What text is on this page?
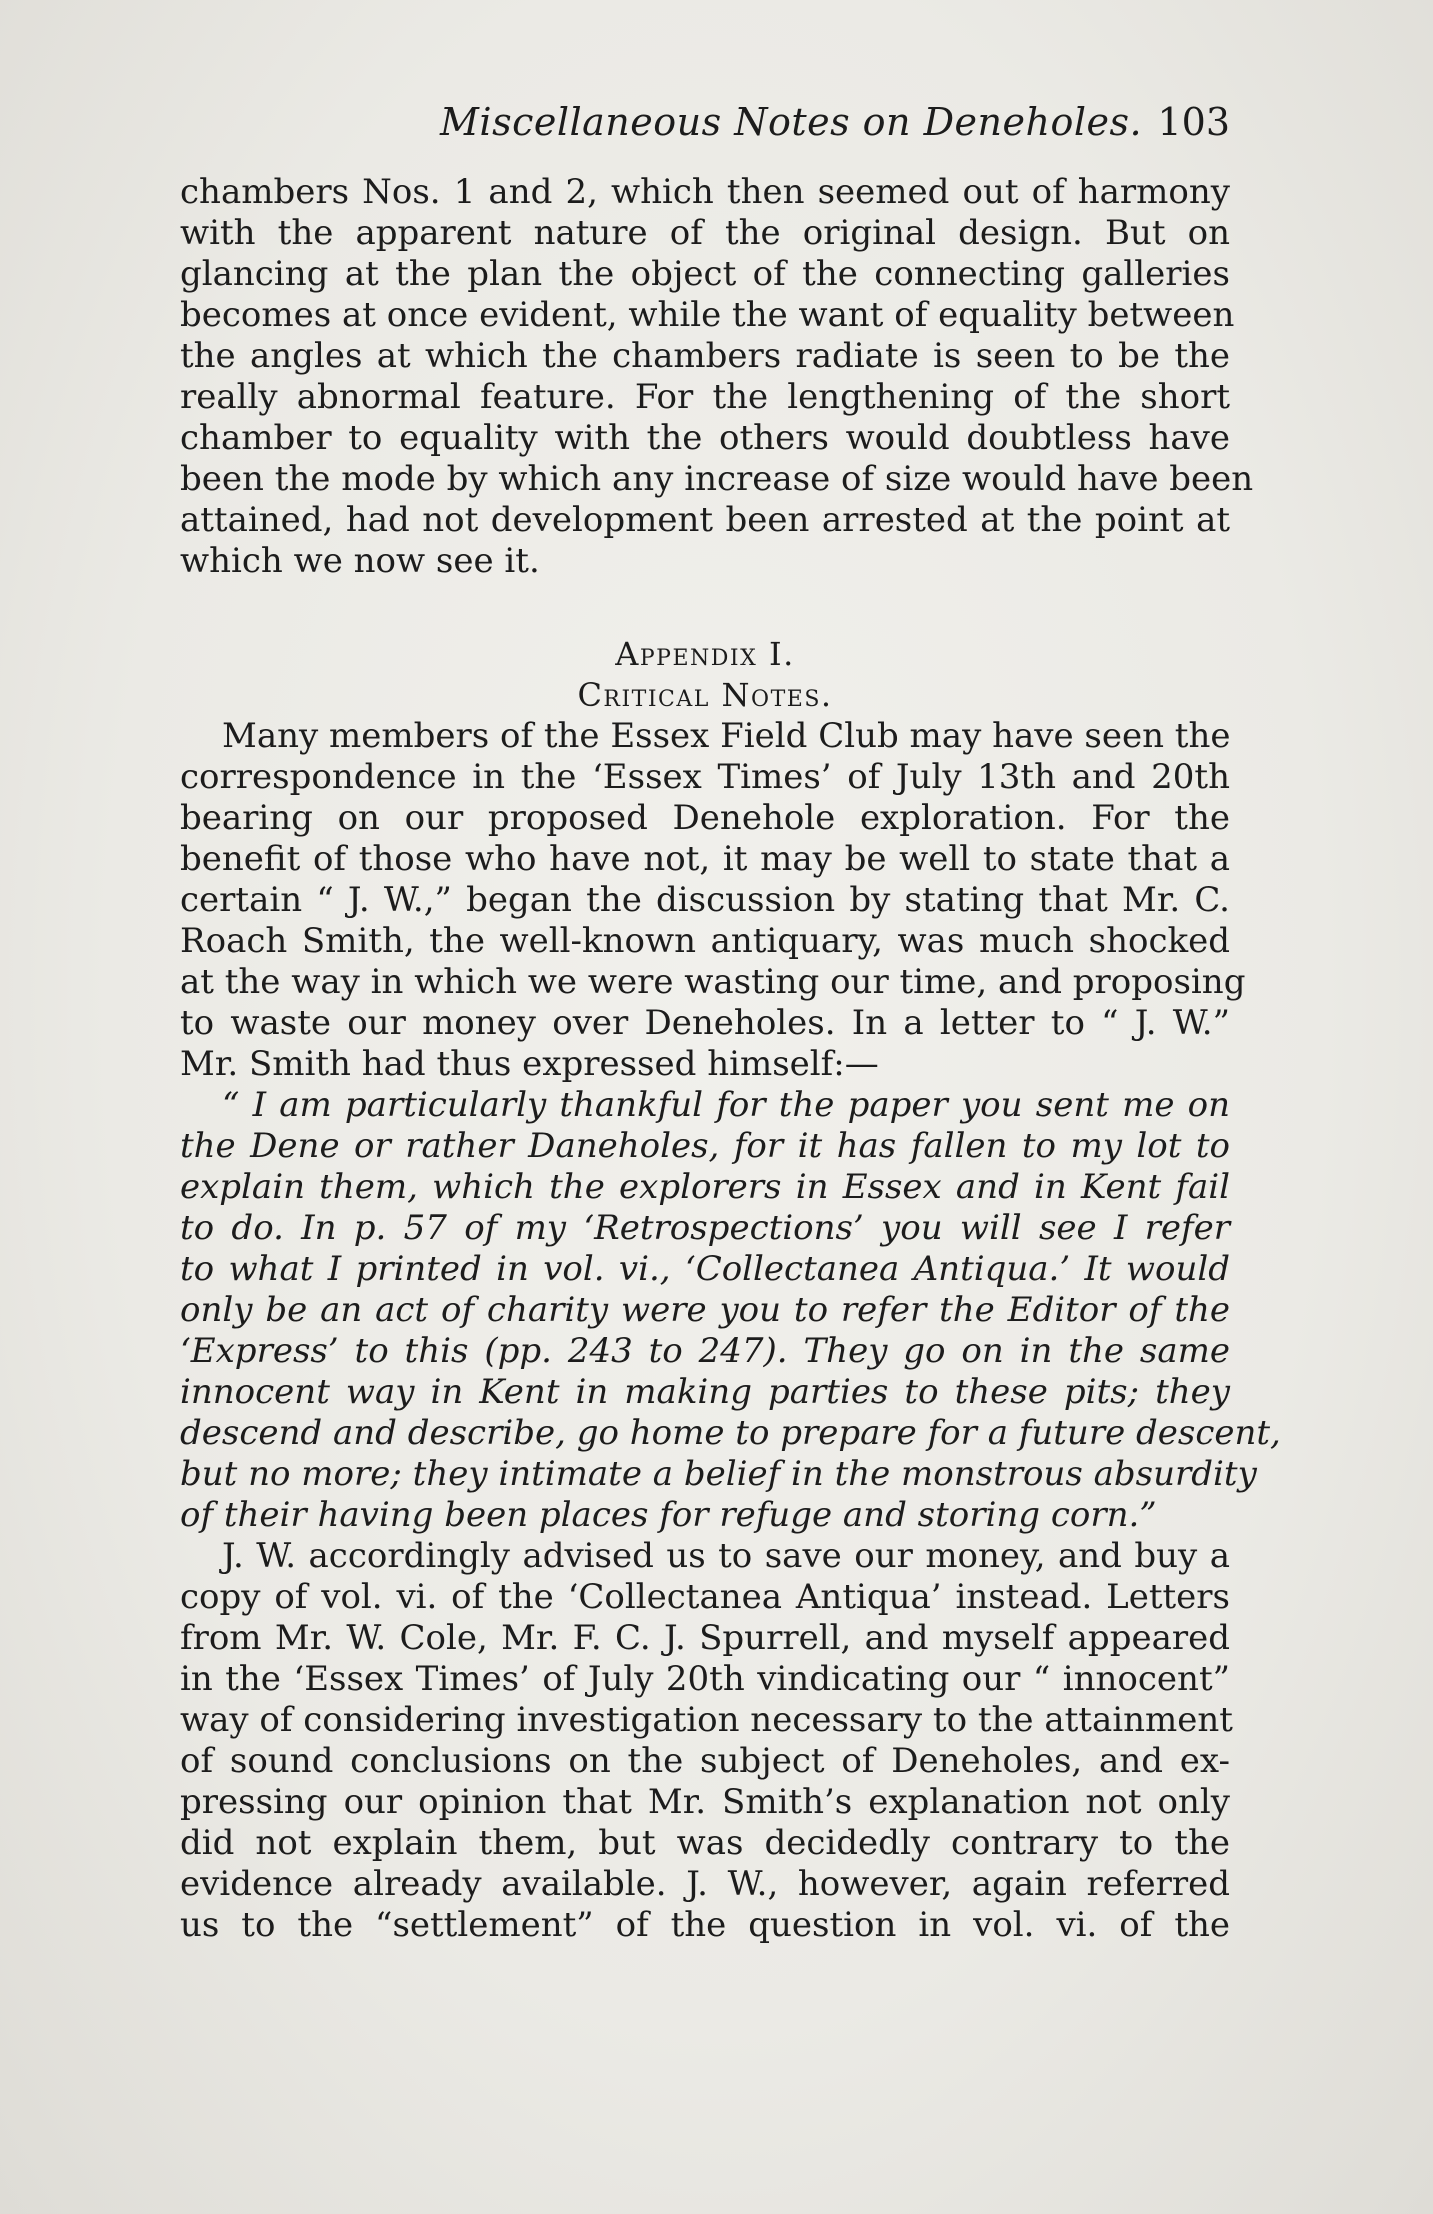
Miscellaneous Notes on Deneholes. 103
chambers Nos. 1 and 2, which then seemed out of harmony
with the apparent nature of the original design. But on
glancing at the plan the object of the connecting galleries
becomes at once evident, while the want of equality between
the angles at which the chambers radiate is seen to be the
really abnormal feature. For the lengthening of the short
chamber to equality with the others would doubtless have
been the mode by which any increase of size would have been
attained, had not development been arrested at the point at
which we now see it.
Appendix I.
Critical Notes.
Many members of the Essex Field Club may have seen the
correspondence in the ‘Essex Times’ of July 13th and 20th
bearing on our proposed Denehole exploration. For the
benefit of those who have not, it may be well to state that a
certain “ J. W.,” began the discussion by stating that Mr. C.
Roach Smith, the well-known antiquary, was much shocked
at the way in which we were wasting our time, and proposing
to waste our money over Deneholes. In a letter to “ J. W.”
Mr. Smith had thus expressed himself:—
“ I am particularly thankful for the paper you sent me on
the Dene or rather Daneholes, for it has fallen to my lot to
explain them, which the explorers in Essex and in Kent fail
to do. In p. 57 of my ‘Retrospections’ you will see I refer
to what I printed in vol. vi., ‘Collectanea Antiqua.’ It would
only be an act of charity were you to refer the Editor of the
‘Express’ to this (pp. 243 to 247). They go on in the same
innocent way in Kent in making parties to these pits; they
descend and describe, go home to prepare for a future descent,
but no more; they intimate a belief in the monstrous absurdity
of their having been places for refuge and storing corn.”
J. W. accordingly advised us to save our money, and buy a
copy of vol. vi. of the ‘Collectanea Antiqua’ instead. Letters
from Mr. W. Cole, Mr. F. C. J. Spurrell, and myself appeared
in the ‘Essex Times’ of July 20th vindicating our “ innocent”
way of considering investigation necessary to the attainment
of sound conclusions on the subject of Deneholes, and ex-
pressing our opinion that Mr. Smith’s explanation not only
did not explain them, but was decidedly contrary to the
evidence already available. J. W., however, again referred
us to the “settlement” of the question in vol. vi. of the
